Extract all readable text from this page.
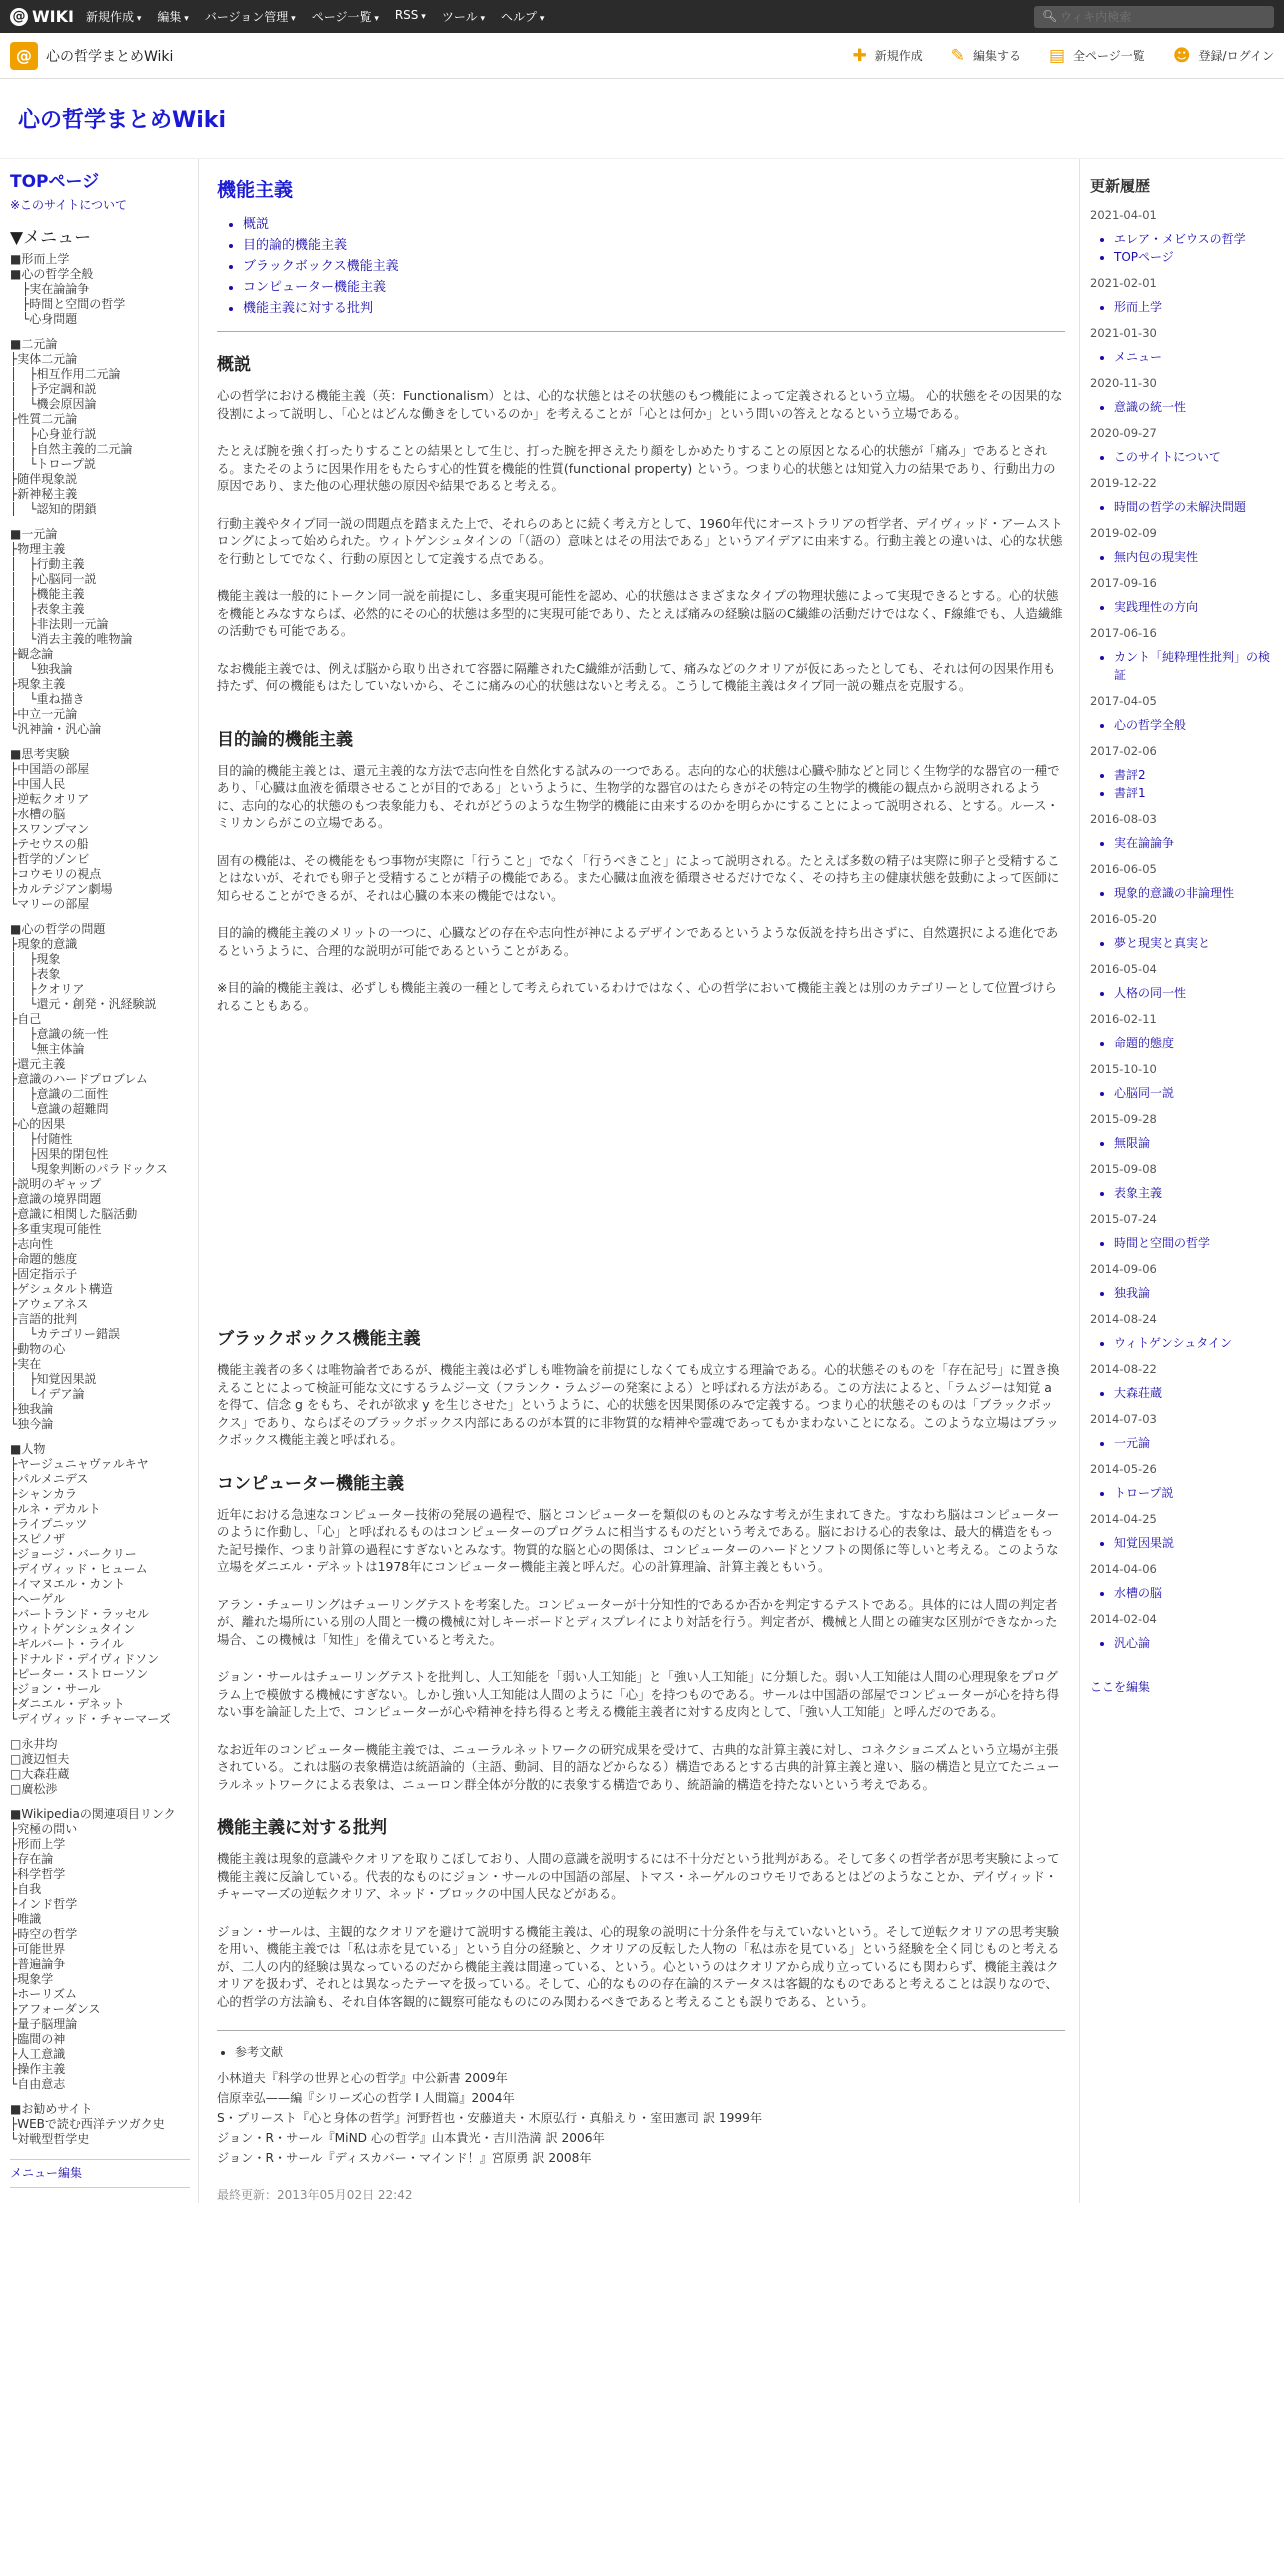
@ WIKI 新規作成 ▾	編集 ▾	バージョン管理 ▾	ページ一覧 ▾	RSS ▾	ツール ▾	ヘルプ ▾	🔍︎
ウィキ内検索
@	心の哲学まとめWiki	✚ 新規作成 ✎ 編集する ▤ 全ページ一覧 ☻ 登録/ログイン
心の哲学まとめWiki
TOPページ
※このサイトについて
▼メニュー
■形而上学
■心の哲学全般
　├実在論論争
　├時間と空間の哲学
　└心身問題
■二元論
├実体二元論
│　├相互作用二元論
│　├予定調和説
│　└機会原因論
├性質二元論
│　├心身並行説
│　├自然主義的二元論
│　└トロープ説
├随伴現象説
├新神秘主義
│　└認知的閉鎖
■一元論
├物理主義
│　├行動主義
│　├心脳同一説
│　├機能主義
│　├表象主義
│　├非法則一元論
│　└消去主義的唯物論
├観念論
│　└独我論
├現象主義
│　└重ね描き
├中立一元論
└汎神論・汎心論
■思考実験
├中国語の部屋
├中国人民
├逆転クオリア
├水槽の脳
├スワンプマン
├テセウスの船
├哲学的ゾンビ
├コウモリの視点
├カルテジアン劇場
└マリーの部屋
■心の哲学の問題
├現象的意識
│　├現象
│　├表象
│　├クオリア
│　└還元・創発・汎経験説
├自己
│　├意識の統一性
│　└無主体論
├還元主義
├意識のハードプロブレム
│　├意識の二面性
│　└意識の超難問
├心的因果
│　├付随性
│　├因果的閉包性
│　└現象判断のパラドックス
├説明のギャップ
├意識の境界問題
├意識に相関した脳活動
├多重実現可能性
├志向性
├命題的態度
├固定指示子
├ゲシュタルト構造
├アウェアネス
├言語的批判
│　└カテゴリー錯誤
├動物の心
├実在
│　├知覚因果説
│　└イデア論
├独我論
└独今論
■人物
├ヤージュニャヴァルキヤ
├パルメニデス
├シャンカラ
├ルネ・デカルト
├ライプニッツ
├スピノザ
├ジョージ・バークリー
├デイヴィッド・ヒューム
├イマヌエル・カント
├ヘーゲル
├バートランド・ラッセル
├ウィトゲンシュタイン
├ギルバート・ライル
├ドナルド・デイヴィドソン
├ピーター・ストローソン
├ジョン・サール
├ダニエル・デネット
└デイヴィッド・チャーマーズ
□永井均
□渡辺恒夫
□大森荘蔵
□廣松渉
■Wikipediaの関連項目リンク
├究極の問い
├形而上学
├存在論
├科学哲学
├自我
├インド哲学
├唯識
├時空の哲学
├可能世界
├普遍論争
├現象学
├ホーリズム
├アフォーダンス
├量子脳理論
├臨間の神
├人工意識
├操作主義
└自由意志
■お勧めサイト
├WEBで読む西洋テツガク史
└対戦型哲学史
メニュー編集
機能主義
• 概説
• 目的論的機能主義
• ブラックボックス機能主義
• コンピューター機能主義
• 機能主義に対する批判
概説

心の哲学における機能主義（英：Functionalism）とは、心的な状態とはその状態のもつ機能によって定義されるという立場。 心的状態をその因果的な役割によって説明し、「心とはどんな働きをしているのか」を考えることが「心とは何か」という問いの答えとなるという立場である。

たとえば腕を強く打ったりすることの結果として生じ、打った腕を押さえたり顔をしかめたりすることの原因となる心的状態が「痛み」であるとされる。またそのように因果作用をもたらす心的性質を機能的性質(functional property) という。つまり心的状態とは知覚入力の結果であり、行動出力の原因であり、また他の心理状態の原因や結果であると考える。

行動主義やタイプ同一説の問題点を踏まえた上で、それらのあとに続く考え方として、1960年代にオーストラリアの哲学者、デイヴィッド・アームストロングによって始められた。ウィトゲンシュタインの「（語の）意味とはその用法である」というアイデアに由来する。行動主義との違いは、心的な状態を行動としてでなく、行動の原因として定義する点である。

機能主義は一般的にトークン同一説を前提にし、多重実現可能性を認め、心的状態はさまざまなタイプの物理状態によって実現できるとする。心的状態を機能とみなすならば、必然的にその心的状態は多型的に実現可能であり、たとえば痛みの経験は脳のC繊維の活動だけではなく、F線維でも、人造繊維の活動でも可能である。

なお機能主義では、例えば脳から取り出されて容器に隔離されたC繊維が活動して、痛みなどのクオリアが仮にあったとしても、それは何の因果作用も持たず、何の機能もはたしていないから、そこに痛みの心的状態はないと考える。こうして機能主義はタイプ同一説の難点を克服する。

目的論的機能主義

目的論的機能主義とは、還元主義的な方法で志向性を自然化する試みの一つである。志向的な心的状態は心臓や肺などと同じく生物学的な器官の一種であり、「心臓は血液を循環させることが目的である」というように、生物学的な器官のはたらきがその特定の生物学的機能の観点から説明されるように、志向的な心的状態のもつ表象能力も、それがどうのような生物学的機能に由来するのかを明らかにすることによって説明される、とする。ルース・ミリカンらがこの立場である。

固有の機能は、その機能をもつ事物が実際に「行うこと」でなく「行うべきこと」によって説明される。たとえば多数の精子は実際に卵子と受精することはないが、それでも卵子と受精することが精子の機能である。また心臓は血液を循環させるだけでなく、その持ち主の健康状態を鼓動によって医師に知らせることができるが、それは心臓の本来の機能ではない。

目的論的機能主義のメリットの一つに、心臓などの存在や志向性が神によるデザインであるというような仮説を持ち出さずに、自然選択による進化であるというように、合理的な説明が可能であるということがある。

※目的論的機能主義は、必ずしも機能主義の一種として考えられているわけではなく、心の哲学において機能主義とは別のカテゴリーとして位置づけられることもある。

ブラックボックス機能主義

機能主義者の多くは唯物論者であるが、機能主義は必ずしも唯物論を前提にしなくても成立する理論である。心的状態そのものを「存在記号」に置き換えることによって検証可能な文にするラムジー文（フランク・ラムジーの発案による）と呼ばれる方法がある。この方法によると、「ラムジーは知覚 a を得て、信念 g をもち、それが欲求 y を生じさせた」というように、心的状態を因果関係のみで定義する。つまり心的状態そのものは「ブラックボックス」であり、ならばそのブラックボックス内部にあるのが本質的に非物質的な精神や霊魂であってもかまわないことになる。このような立場はブラックボックス機能主義と呼ばれる。

コンピューター機能主義

近年における急速なコンピューター技術の発展の過程で、脳とコンピューターを類似のものとみなす考えが生まれてきた。すなわち脳はコンピューターのように作動し、「心」と呼ばれるものはコンピューターのプログラムに相当するものだという考えである。脳における心的表象は、最大的構造をもった記号操作、つまり計算の過程にすぎないとみなす。物質的な脳と心の関係は、コンピューターのハードとソフトの関係に等しいと考える。このような立場をダニエル・デネットは1978年にコンピューター機能主義と呼んだ。心の計算理論、計算主義ともいう。

アラン・チューリングはチューリングテストを考案した。コンピューターが十分知性的であるか否かを判定するテストである。具体的には人間の判定者が、離れた場所にいる別の人間と一機の機械に対しキーボードとディスプレイにより対話を行う。判定者が、機械と人間との確実な区別ができなかった場合、この機械は「知性」を備えていると考えた。

ジョン・サールはチューリングテストを批判し、人工知能を「弱い人工知能」と「強い人工知能」に分類した。弱い人工知能は人間の心理現象をプログラム上で模倣する機械にすぎない。しかし強い人工知能は人間のように「心」を持つものである。サールは中国語の部屋でコンピューターが心を持ち得ない事を論証した上で、コンピューターが心や精神を持ち得ると考える機能主義者に対する皮肉として、「強い人工知能」と呼んだのである。

なお近年のコンピューター機能主義では、ニューラルネットワークの研究成果を受けて、古典的な計算主義に対し、コネクショニズムという立場が主張されている。これは脳の表象構造は統語論的（主語、動詞、目的語などからなる）構造であるとする古典的計算主義と違い、脳の構造と見立てたニューラルネットワークによる表象は、ニューロン群全体が分散的に表象する構造であり、統語論的構造を持たないという考えである。

機能主義に対する批判

機能主義は現象的意識やクオリアを取りこぼしており、人間の意識を説明するには不十分だという批判がある。そして多くの哲学者が思考実験によって機能主義に反論している。代表的なものにジョン・サールの中国語の部屋、トマス・ネーゲルのコウモリであるとはどのようなことか、デイヴィッド・チャーマーズの逆転クオリア、ネッド・ブロックの中国人民などがある。

ジョン・サールは、主観的なクオリアを避けて説明する機能主義は、心的現象の説明に十分条件を与えていないという。そして逆転クオリアの思考実験を用い、機能主義では「私は赤を見ている」という自分の経験と、クオリアの反転した人物の「私は赤を見ている」という経験を全く同じものと考えるが、二人の内的経験は異なっているのだから機能主義は間違っている、という。心というのはクオリアから成り立っているにも関わらず、機能主義はクオリアを扱わず、それとは異なったテーマを扱っている。そして、心的なものの存在論的ステータスは客観的なものであると考えることは誤りなので、心的哲学の方法論も、それ自体客観的に観察可能なものにのみ関わるべきであると考えることも誤りである、という。

• 参考文献
小林道夫『科学の世界と心の哲学』中公新書 2009年
信原幸弘——編『シリーズ心の哲学 I 人間篇』2004年
S・プリースト『心と身体の哲学』河野哲也・安藤道夫・木原弘行・真船えり・室田憲司 訳 1999年
ジョン・R・サール『MiND 心の哲学』山本貴光・吉川浩満 訳 2006年
ジョン・R・サール『ディスカバー・マインド！』宮原勇 訳 2008年
最終更新：2013年05月02日 22:42
更新履歴
2021-04-01
• エレア・メビウスの哲学
• TOPページ
2021-02-01
• 形而上学
2021-01-30
• メニュー
2020-11-30
• 意識の統一性
2020-09-27
• このサイトについて
2019-12-22
• 時間の哲学の未解決問題
2019-02-09
• 無内包の現実性
2017-09-16
• 実践理性の方向
2017-06-16
• カント「純粋理性批判」の検証
2017-04-05
• 心の哲学全般
2017-02-06
• 書評2
• 書評1
2016-08-03
• 実在論論争
2016-06-05
• 現象的意識の非論理性
2016-05-20
• 夢と現実と真実と
2016-05-04
• 人格の同一性
2016-02-11
• 命題的態度
2015-10-10
• 心脳同一説
2015-09-28
• 無限論
2015-09-08
• 表象主義
2015-07-24
• 時間と空間の哲学
2014-09-06
• 独我論
2014-08-24
• ウィトゲンシュタイン
2014-08-22
• 大森荘蔵
2014-07-03
• 一元論
2014-05-26
• トロープ説
2014-04-25
• 知覚因果説
2014-04-06
• 水槽の脳
2014-02-04
• 汎心論
ここを編集
